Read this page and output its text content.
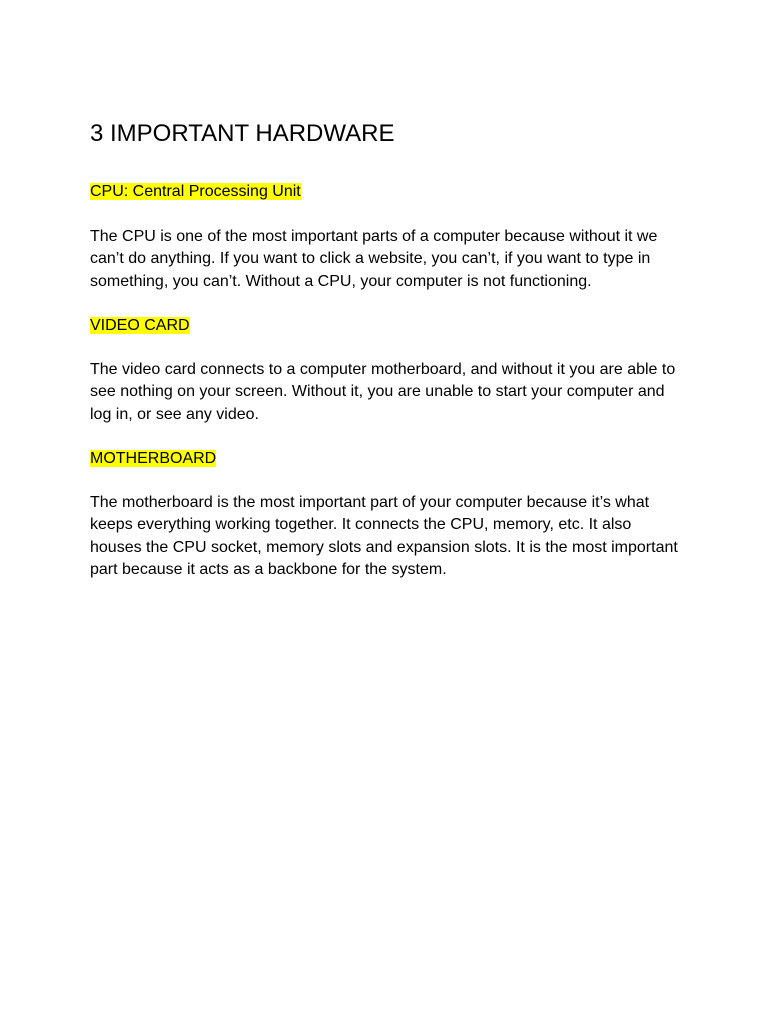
3 IMPORTANT HARDWARE
CPU: Central Processing Unit

The CPU is one of the most important parts of a computer because without it we can’t do anything. If you want to click a website, you can’t, if you want to type in something, you can’t. Without a CPU, your computer is not functioning.

VIDEO CARD

The video card connects to a computer motherboard, and without it you are able to see nothing on your screen. Without it, you are unable to start your computer and log in, or see any video.

MOTHERBOARD

The motherboard is the most important part of your computer because it’s what keeps everything working together. It connects the CPU, memory, etc. It also houses the CPU socket, memory slots and expansion slots. It is the most important part because it acts as a backbone for the system.
